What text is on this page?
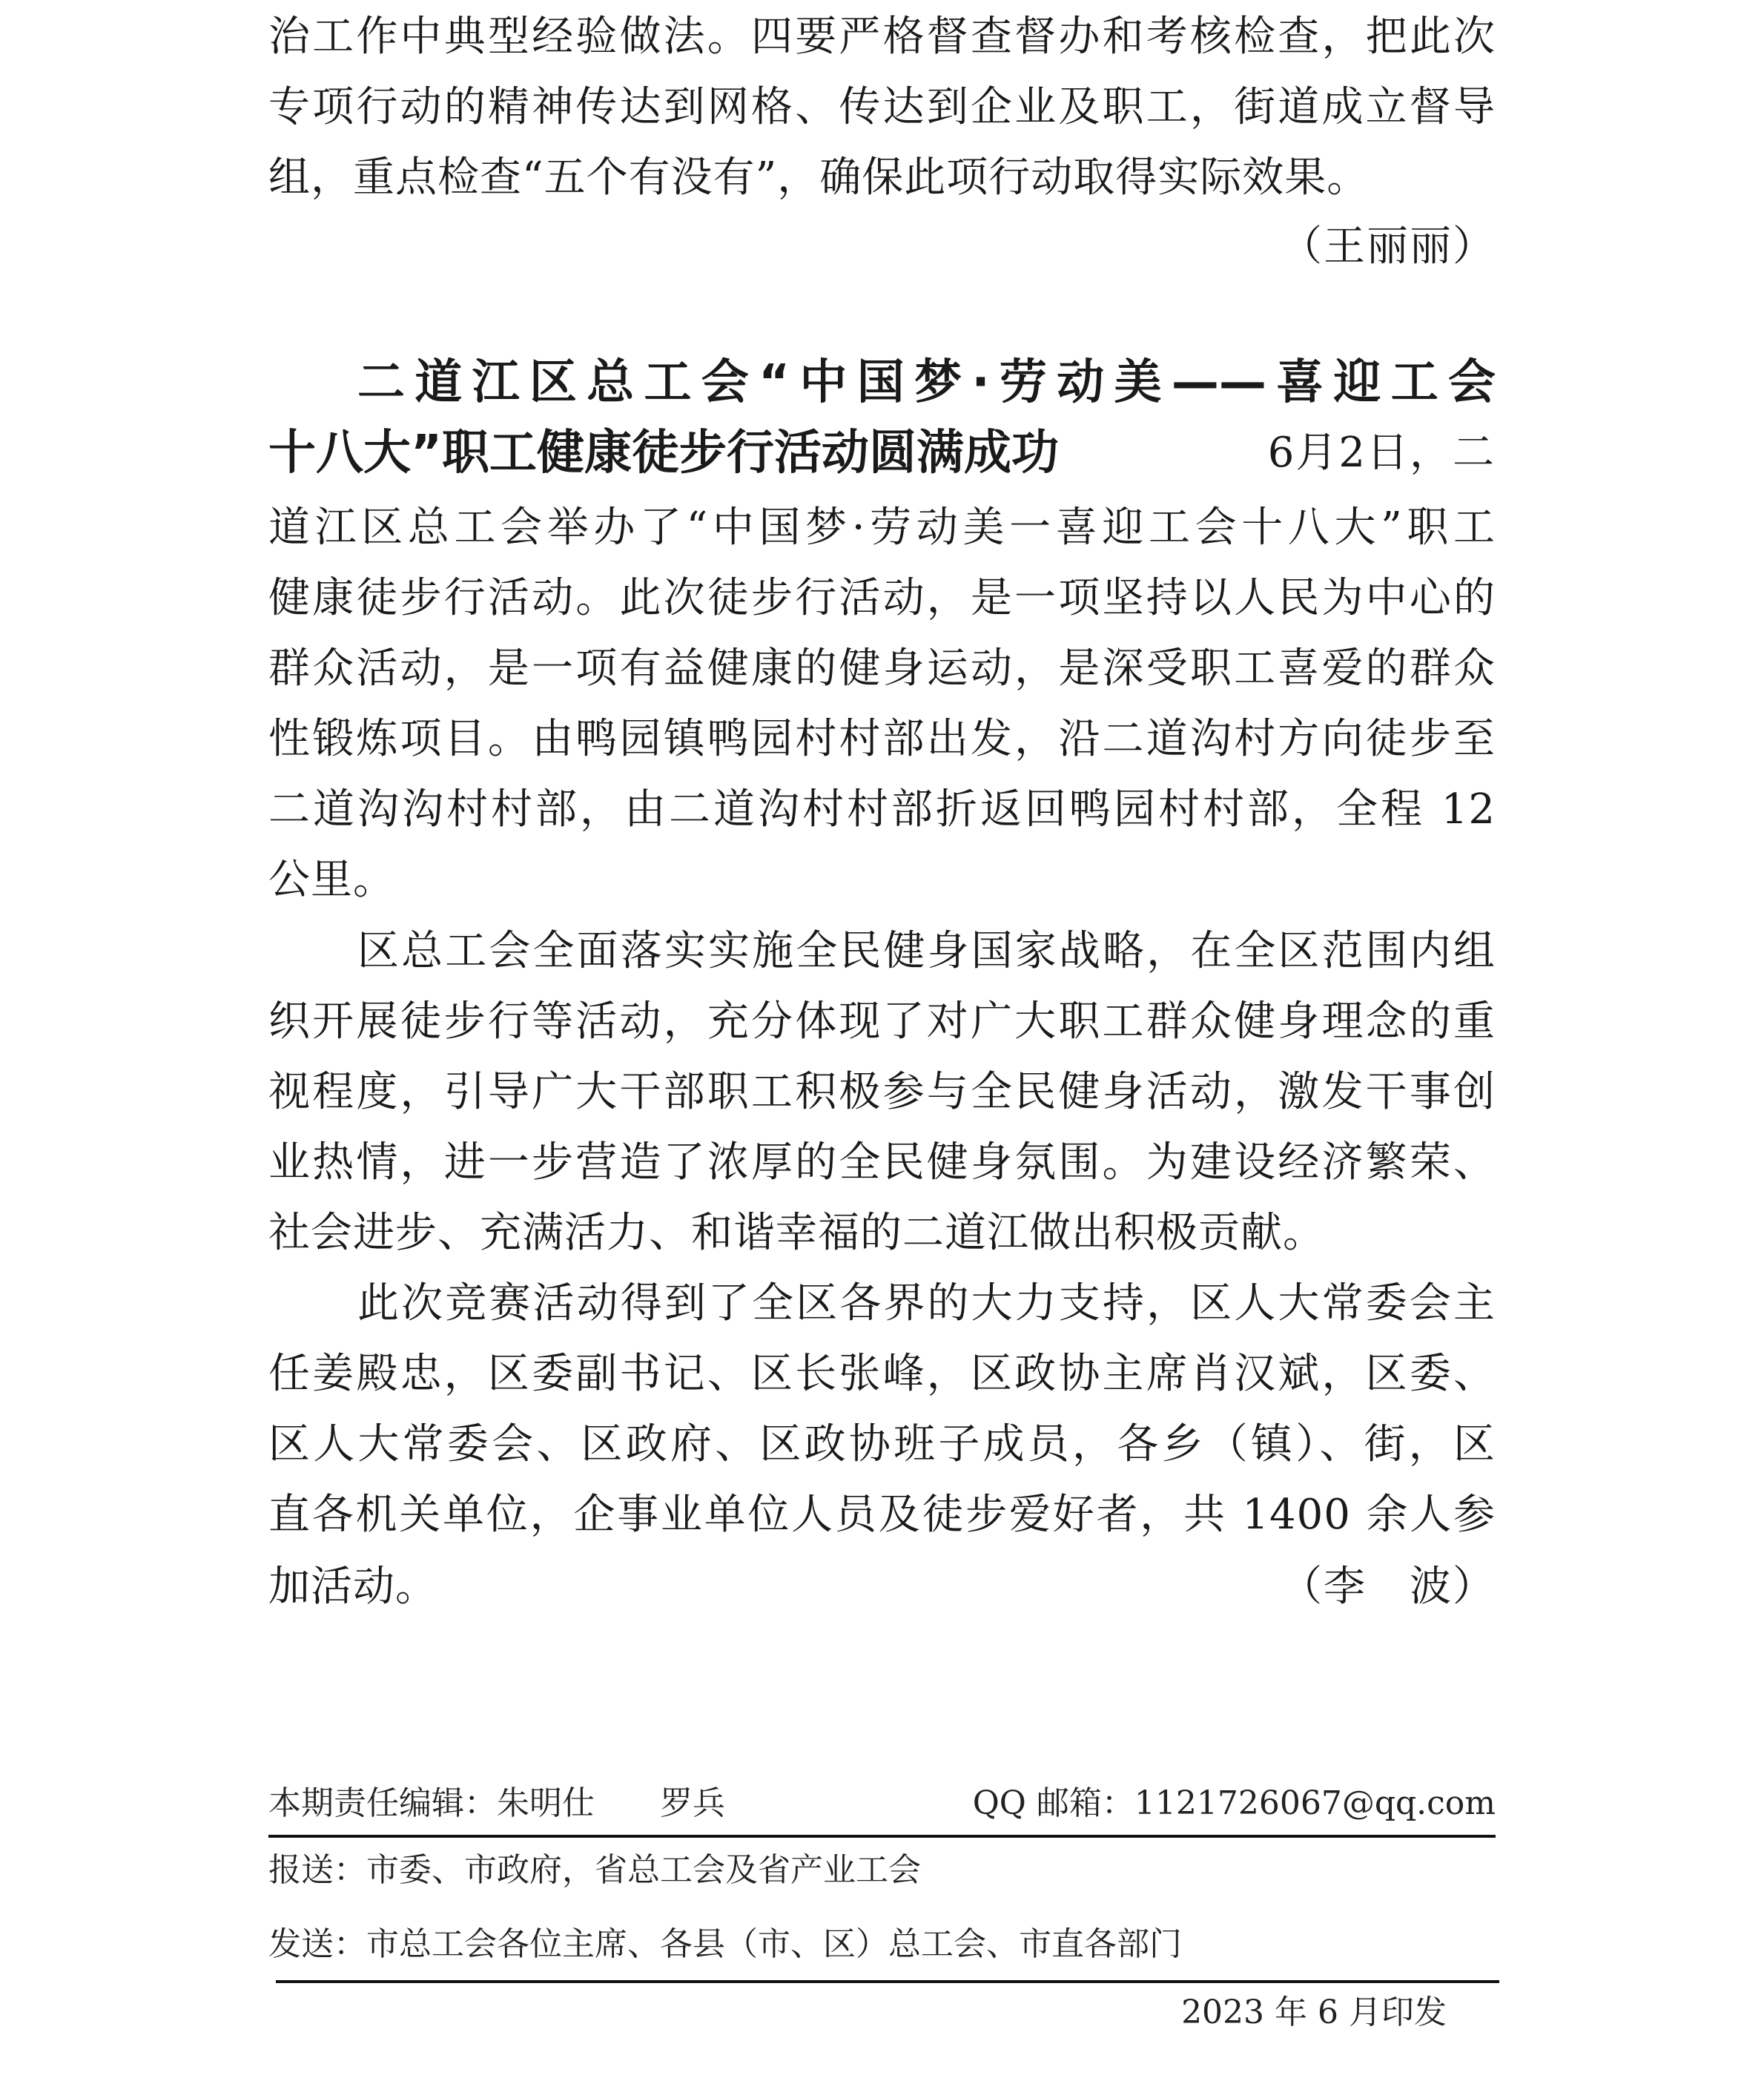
治工作中典型经验做法。四要严格督查督办和考核检查，把此次
专项行动的精神传达到网格、传达到企业及职工，街道成立督导
组，重点检查“五个有没有”，确保此项行动取得实际效果。
（王丽丽）
二道江区总工会“中国梦·劳动美——喜迎工会
十八大”职工健康徒步行活动圆满成功	6月2日，二
道江区总工会举办了“中国梦·劳动美一喜迎工会十八大”职工
健康徒步行活动。此次徒步行活动，是一项坚持以人民为中心的
群众活动，是一项有益健康的健身运动，是深受职工喜爱的群众
性锻炼项目。由鸭园镇鸭园村村部出发，沿二道沟村方向徒步至
二道沟沟村村部，由二道沟村村部折返回鸭园村村部，全程 12
公里。
区总工会全面落实实施全民健身国家战略，在全区范围内组
织开展徒步行等活动，充分体现了对广大职工群众健身理念的重
视程度，引导广大干部职工积极参与全民健身活动，激发干事创
业热情，进一步营造了浓厚的全民健身氛围。为建设经济繁荣、
社会进步、充满活力、和谐幸福的二道江做出积极贡献。
此次竞赛活动得到了全区各界的大力支持，区人大常委会主
任姜殿忠，区委副书记、区长张峰，区政协主席肖汉斌，区委、
区人大常委会、区政府、区政协班子成员，各乡（镇）、街，区
直各机关单位，企事业单位人员及徒步爱好者，共 1400 余人参
加活动。	（李　波）
本期责任编辑：朱明仕　　罗兵	QQ 邮箱：1121726067@qq.com
报送：市委、市政府，省总工会及省产业工会
发送：市总工会各位主席、各县（市、区）总工会、市直各部门
2023 年 6 月印发
